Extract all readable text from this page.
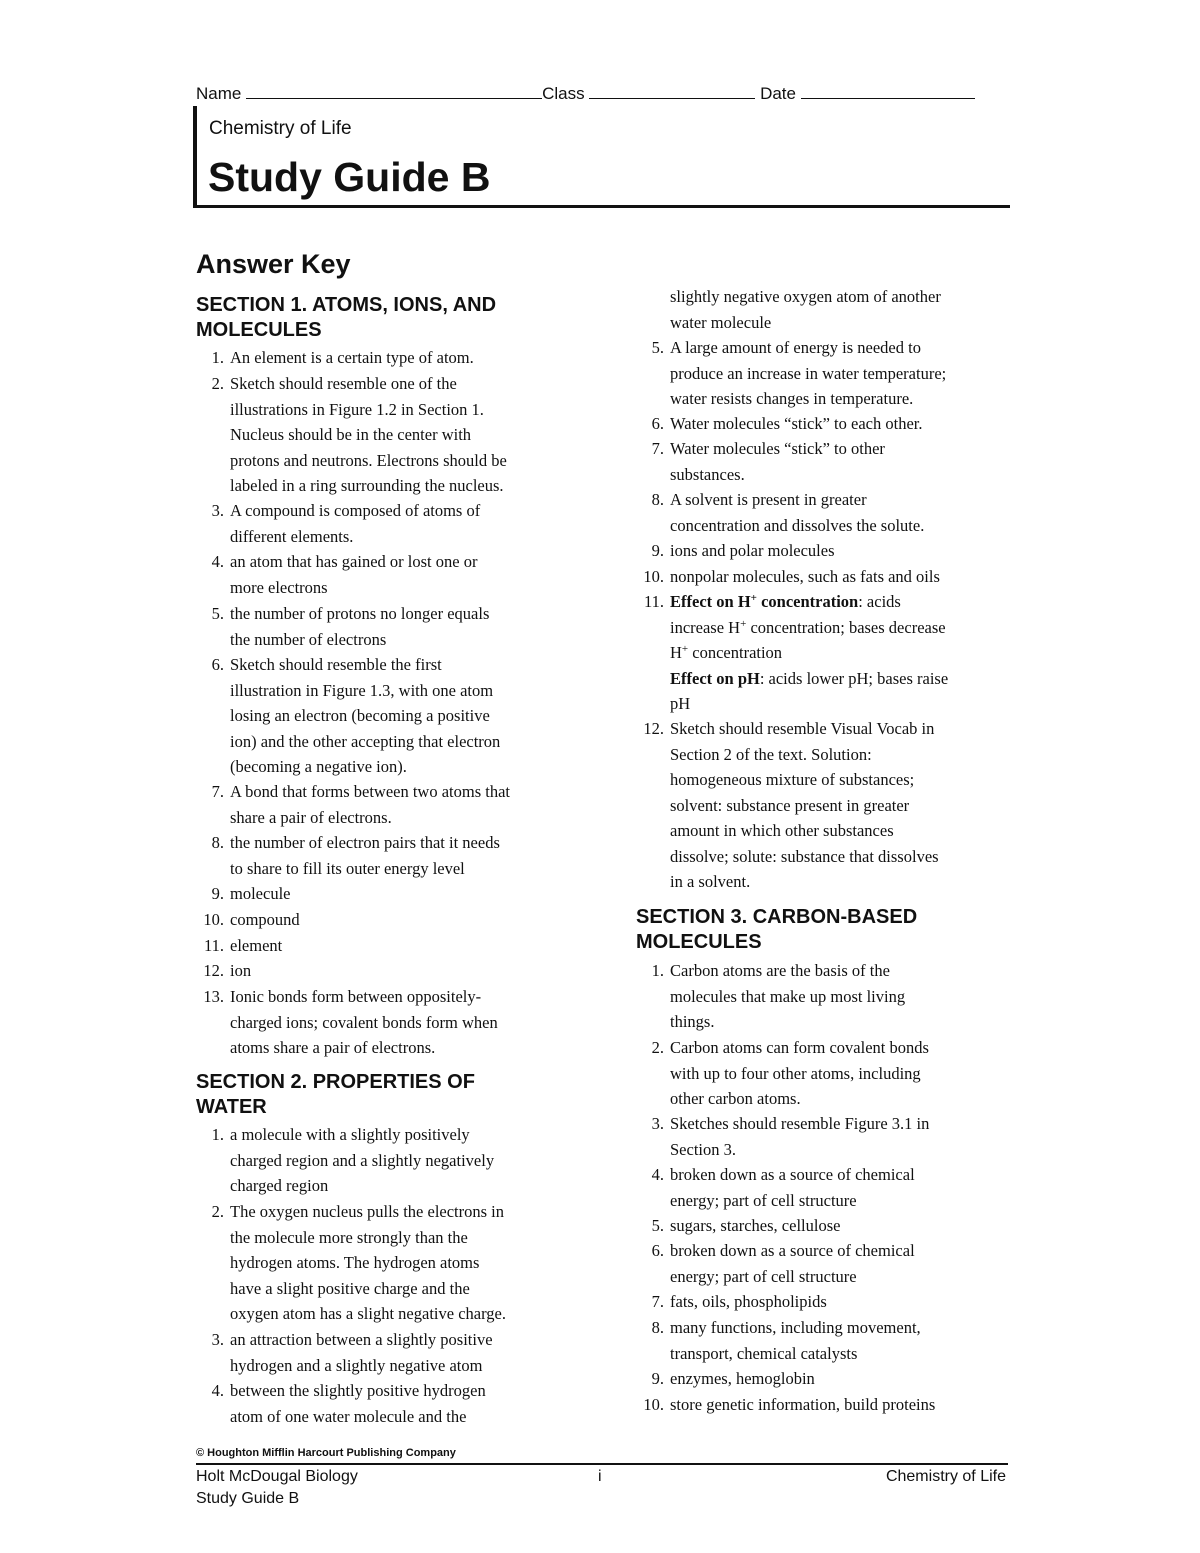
Name	Class	Date
Chemistry of Life
Study Guide B
Answer Key
SECTION 1. ATOMS, IONS, AND
MOLECULES
1. An element is a certain type of atom.
2. Sketch should resemble one of the
illustrations in Figure 1.2 in Section 1.
Nucleus should be in the center with
protons and neutrons. Electrons should be
labeled in a ring surrounding the nucleus.
3. A compound is composed of atoms of
different elements.
4. an atom that has gained or lost one or
more electrons
5. the number of protons no longer equals
the number of electrons
6. Sketch should resemble the first
illustration in Figure 1.3, with one atom
losing an electron (becoming a positive
ion) and the other accepting that electron
(becoming a negative ion).
7. A bond that forms between two atoms that
share a pair of electrons.
8. the number of electron pairs that it needs
to share to fill its outer energy level
9. molecule
10. compound
11. element
12. ion
13. Ionic bonds form between oppositely-
charged ions; covalent bonds form when
atoms share a pair of electrons.
SECTION 2. PROPERTIES OF
WATER
1. a molecule with a slightly positively
charged region and a slightly negatively
charged region
2. The oxygen nucleus pulls the electrons in
the molecule more strongly than the
hydrogen atoms. The hydrogen atoms
have a slight positive charge and the
oxygen atom has a slight negative charge.
3. an attraction between a slightly positive
hydrogen and a slightly negative atom
4. between the slightly positive hydrogen
atom of one water molecule and the
slightly negative oxygen atom of another
water molecule
5. A large amount of energy is needed to
produce an increase in water temperature;
water resists changes in temperature.
6. Water molecules “stick” to each other.
7. Water molecules “stick” to other
substances.
8. A solvent is present in greater
concentration and dissolves the solute.
9. ions and polar molecules
10. nonpolar molecules, such as fats and oils
11. Effect on H+ concentration: acids
increase H+ concentration; bases decrease
H+ concentration
Effect on pH: acids lower pH; bases raise
pH
12. Sketch should resemble Visual Vocab in
Section 2 of the text. Solution:
homogeneous mixture of substances;
solvent: substance present in greater
amount in which other substances
dissolve; solute: substance that dissolves
in a solvent.
SECTION 3. CARBON-BASED
MOLECULES
1. Carbon atoms are the basis of the
molecules that make up most living
things.
2. Carbon atoms can form covalent bonds
with up to four other atoms, including
other carbon atoms.
3. Sketches should resemble Figure 3.1 in
Section 3.
4. broken down as a source of chemical
energy; part of cell structure
5. sugars, starches, cellulose
6. broken down as a source of chemical
energy; part of cell structure
7. fats, oils, phospholipids
8. many functions, including movement,
transport, chemical catalysts
9. enzymes, hemoglobin
10. store genetic information, build proteins
© Houghton Mifflin Harcourt Publishing Company
Holt McDougal Biology	i	Chemistry of Life
Study Guide B
